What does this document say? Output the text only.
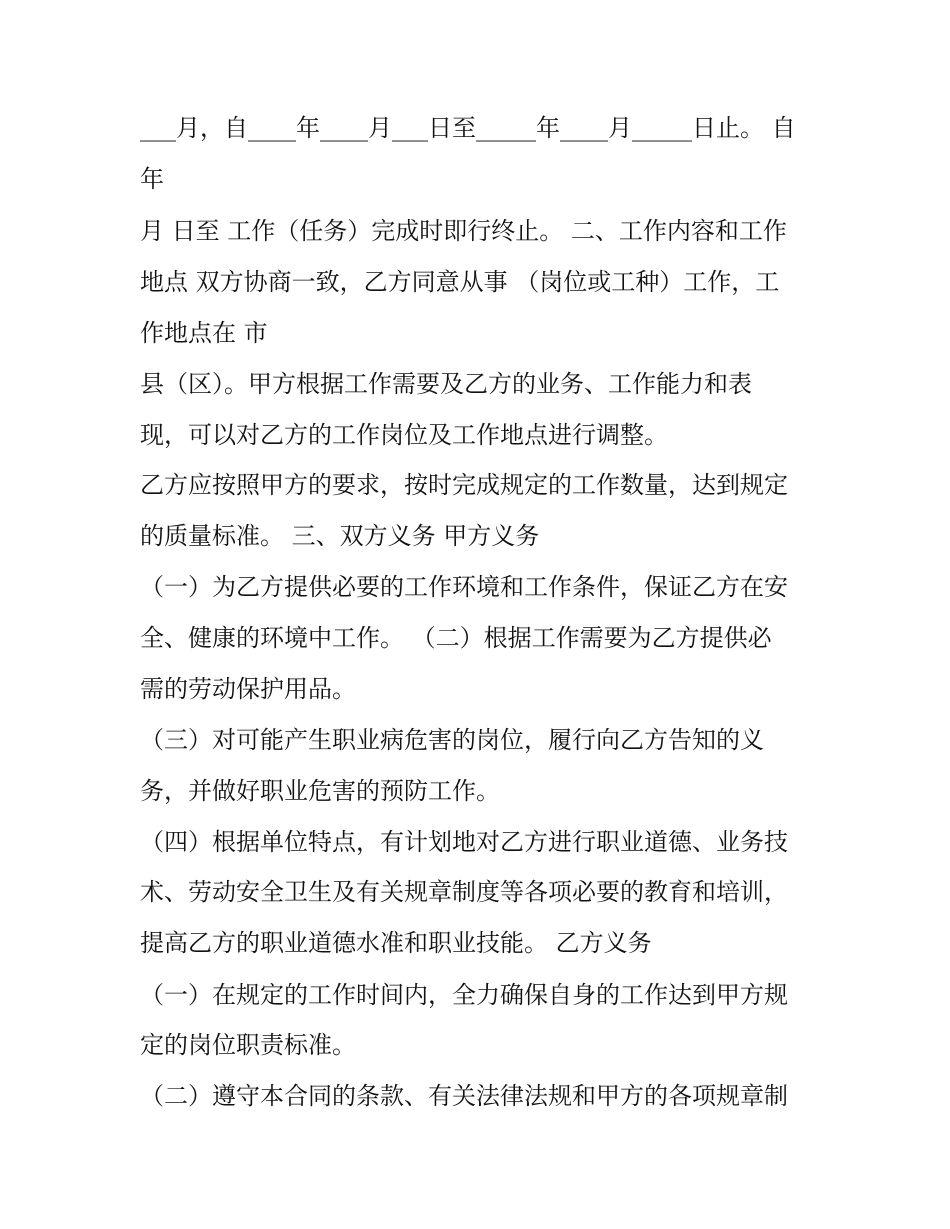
___月，自____年____月___日至_____年____月_____日止。 自
年
月 日至 工作（任务）完成时即行终止。 二、工作内容和工作
地点 双方协商一致，乙方同意从事 （岗位或工种）工作，工
作地点在 市
县（区）。甲方根据工作需要及乙方的业务、工作能力和表
现，可以对乙方的工作岗位及工作地点进行调整。
乙方应按照甲方的要求，按时完成规定的工作数量，达到规定
的质量标准。 三、双方义务 甲方义务
（一）为乙方提供必要的工作环境和工作条件，保证乙方在安
全、健康的环境中工作。 （二）根据工作需要为乙方提供必
需的劳动保护用品。
（三）对可能产生职业病危害的岗位，履行向乙方告知的义
务，并做好职业危害的预防工作。
（四）根据单位特点，有计划地对乙方进行职业道德、业务技
术、劳动安全卫生及有关规章制度等各项必要的教育和培训，
提高乙方的职业道德水准和职业技能。 乙方义务
（一）在规定的工作时间内，全力确保自身的工作达到甲方规
定的岗位职责标准。
（二）遵守本合同的条款、有关法律法规和甲方的各项规章制
